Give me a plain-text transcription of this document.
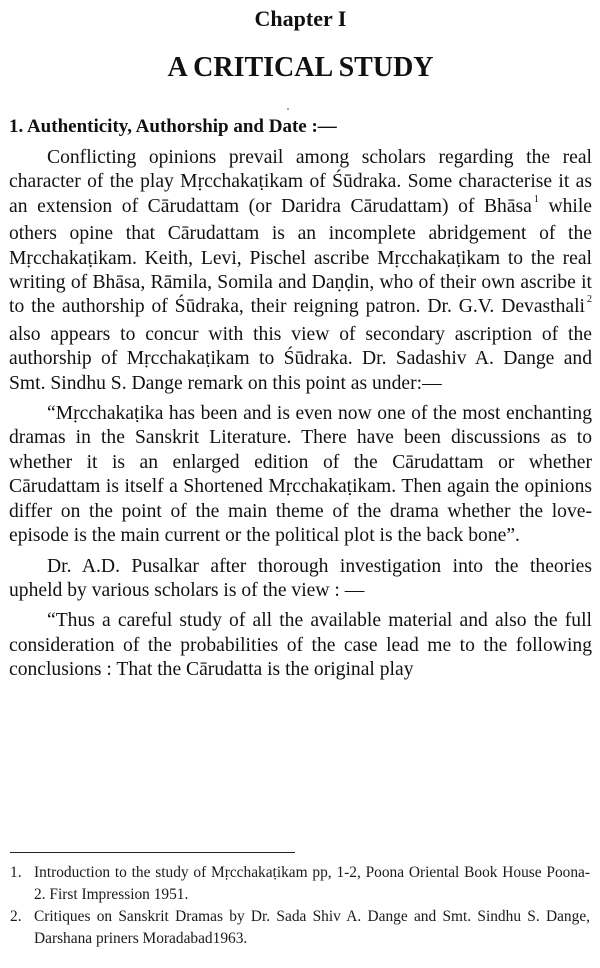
Chapter I
A CRITICAL STUDY
1. Authenticity, Authorship and Date :—

Conflicting opinions prevail among scholars regarding the real character of the play Mṛcchakaṭikam of Śūdraka. Some characterise it as an extension of Cārudattam (or Daridra Cārudattam) of Bhāsa $^1$ while others opine that Cārudattam is an incomplete abridgement of the Mṛcchakaṭikam. Keith, Levi, Pischel ascribe Mṛcchakaṭikam to the real writing of Bhāsa, Rāmila, Somila and Daṇḍin, who of their own ascribe it to the authorship of Śūdraka, their reigning patron. Dr. G.V. Devasthali $^2$ also appears to concur with this view of secondary ascription of the authorship of Mṛcchakaṭikam to Śūdraka. Dr. Sadashiv A. Dange and Smt. Sindhu S. Dange remark on this point as under:—

“Mṛcchakaṭika has been and is even now one of the most enchanting dramas in the Sanskrit Literature. There have been discussions as to whether it is an enlarged edition of the Cārudattam or whether Cārudattam is itself a Shortened Mṛcchakaṭikam. Then again the opinions differ on the point of the main theme of the drama whether the love-episode is the main current or the political plot is the back bone”.

Dr. A.D. Pusalkar after thorough investigation into the theories upheld by various scholars is of the view : —

“Thus a careful study of all the available material and also the full consideration of the probabilities of the case lead me to the following conclusions : That the Cārudatta is the original play

1. Introduction to the study of Mṛcchakaṭikam pp, 1-2, Poona Oriental Book House Poona-2. First Impression 1951.
2. Critiques on Sanskrit Dramas by Dr. Sada Shiv A. Dange and Smt. Sindhu S. Dange, Darshana priners Moradabad1963.
